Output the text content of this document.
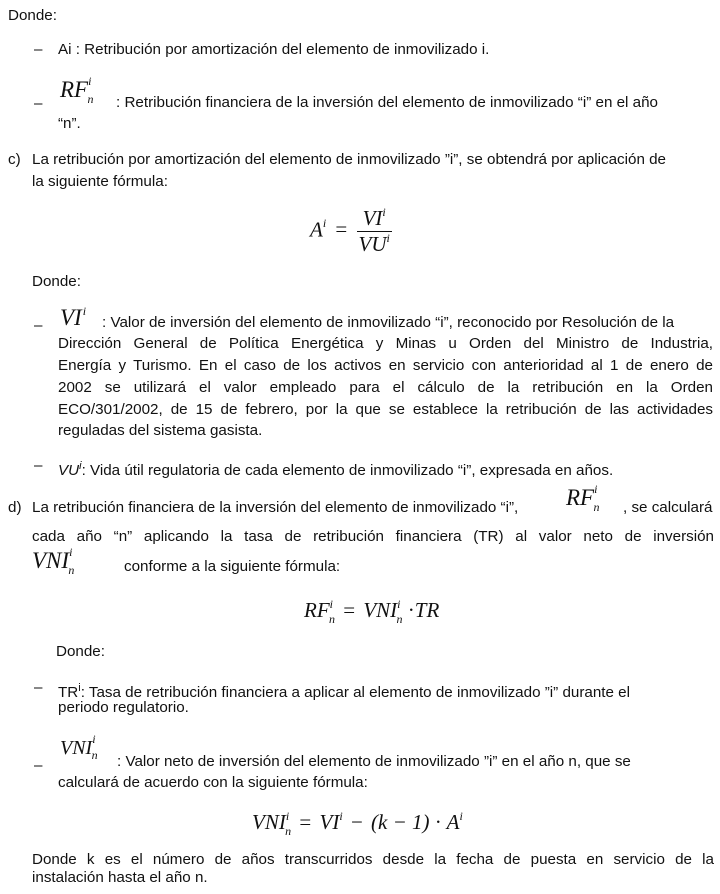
Donde:
– Ai : Retribución por amortización del elemento de inmovilizado i.
–
$RF^i_n$ : Retribución financiera de la inversión del elemento de inmovilizado “i” en el año
“n”.
c) La retribución por amortización del elemento de inmovilizado ”i”, se obtendrá por aplicación de
la siguiente fórmula:
$A^i = \frac{VI^i}{VU^i}$
Donde:
– $VI^i$
: Valor de inversión del elemento de inmovilizado “i”, reconocido por Resolución de la
Dirección General de Política Energética y Minas u Orden del Ministro de Industria,
Energía y Turismo. En el caso de los activos en servicio con anterioridad al 1 de enero de
2002 se utilizará el valor empleado para el cálculo de la retribución en la Orden
ECO/301/2002, de 15 de febrero, por la que se establece la retribución de las actividades
reguladas del sistema gasista.
– $VU^i$: Vida útil regulatoria de cada elemento de inmovilizado “i”, expresada en años.
d) La retribución financiera de la inversión del elemento de inmovilizado “i”, $RF^i_n$ , se calculará
cada año “n” aplicando la tasa de retribución financiera (TR) al valor neto de inversión
$VNI^i_n$	conforme a la siguiente fórmula:
$RF^i_n = VNI^i_n \cdot TR$
Donde:
– $TR^i$: Tasa de retribución financiera a aplicar al elemento de inmovilizado ”i” durante el
periodo regulatorio.
–
$VNI^i_n$ : Valor neto de inversión del elemento de inmovilizado ”i” en el año n, que se
calculará de acuerdo con la siguiente fórmula:
$VNI^i_n = VI^i - (k - 1) \cdot A^i$
Donde k es el número de años transcurridos desde la fecha de puesta en servicio de la
instalación hasta el año n.
